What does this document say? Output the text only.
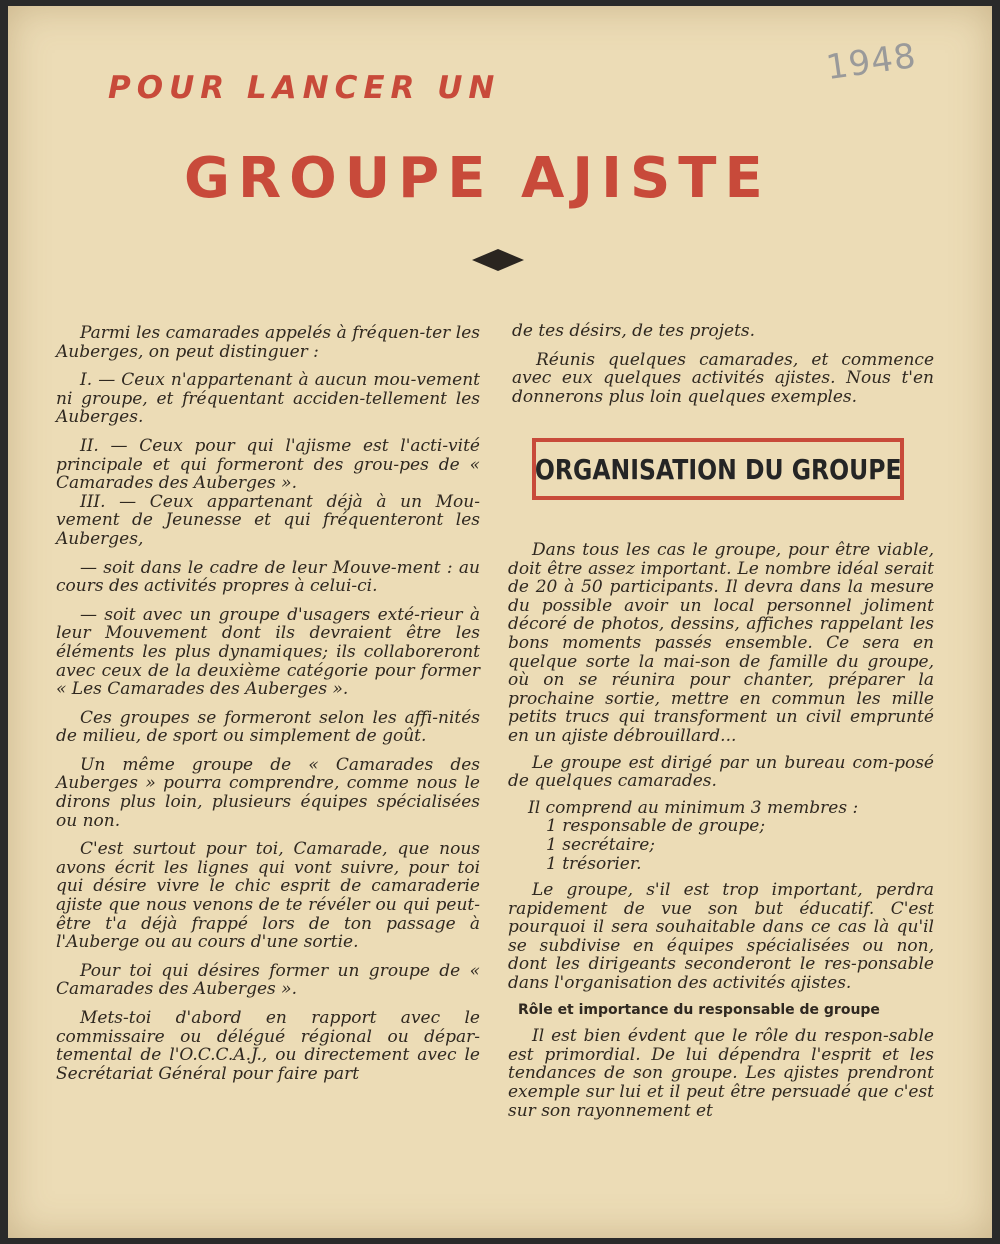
1948
POUR LANCER UN
GROUPE AJISTE

Parmi les camarades appelés à fréquen-ter les Auberges, on peut distinguer :

I. — Ceux n'appartenant à aucun mou-vement ni groupe, et fréquentant acciden-tellement les Auberges.

II. — Ceux pour qui l'ajisme est l'acti-vité principale et qui formeront des grou-pes de « Camarades des Auberges ».

III. — Ceux appartenant déjà à un Mou-vement de Jeunesse et qui fréquenteront les Auberges,

— soit dans le cadre de leur Mouve-ment : au cours des activités propres à celui-ci.

— soit avec un groupe d'usagers exté-rieur à leur Mouvement dont ils devraient être les éléments les plus dynamiques; ils collaboreront avec ceux de la deuxième catégorie pour former « Les Camarades des Auberges ».

Ces groupes se formeront selon les affi-nités de milieu, de sport ou simplement de goût.

Un même groupe de « Camarades des Auberges » pourra comprendre, comme nous le dirons plus loin, plusieurs équipes spécialisées ou non.

C'est surtout pour toi, Camarade, que nous avons écrit les lignes qui vont suivre, pour toi qui désire vivre le chic esprit de camaraderie ajiste que nous venons de te révéler ou qui peut-être t'a déjà frappé lors de ton passage à l'Auberge ou au cours d'une sortie.

Pour toi qui désires former un groupe de « Camarades des Auberges ».

Mets-toi d'abord en rapport avec le commissaire ou délégué régional ou dépar-temental de l'O.C.C.A.J., ou directement avec le Secrétariat Général pour faire part

de tes désirs, de tes projets.

Réunis quelques camarades, et commence avec eux quelques activités ajistes. Nous t'en donnerons plus loin quelques exemples.

ORGANISATION DU GROUPE

Dans tous les cas le groupe, pour être viable, doit être assez important. Le nombre idéal serait de 20 à 50 participants. Il devra dans la mesure du possible avoir un local personnel joliment décoré de photos, dessins, affiches rappelant les bons moments passés ensemble. Ce sera en quelque sorte la mai-son de famille du groupe, où on se réunira pour chanter, préparer la prochaine sortie, mettre en commun les mille petits trucs qui transforment un civil emprunté en un ajiste débrouillard...

Le groupe est dirigé par un bureau com-posé de quelques camarades.

Il comprend au minimum 3 membres :

1 responsable de groupe;

1 secrétaire;

1 trésorier.

Le groupe, s'il est trop important, perdra rapidement de vue son but éducatif. C'est pourquoi il sera souhaitable dans ce cas là qu'il se subdivise en équipes spécialisées ou non, dont les dirigeants seconderont le res-ponsable dans l'organisation des activités ajistes.

Rôle et importance du responsable de groupe

Il est bien évdent que le rôle du respon-sable est primordial. De lui dépendra l'esprit et les tendances de son groupe. Les ajistes prendront exemple sur lui et il peut être persuadé que c'est sur son rayonnement et
